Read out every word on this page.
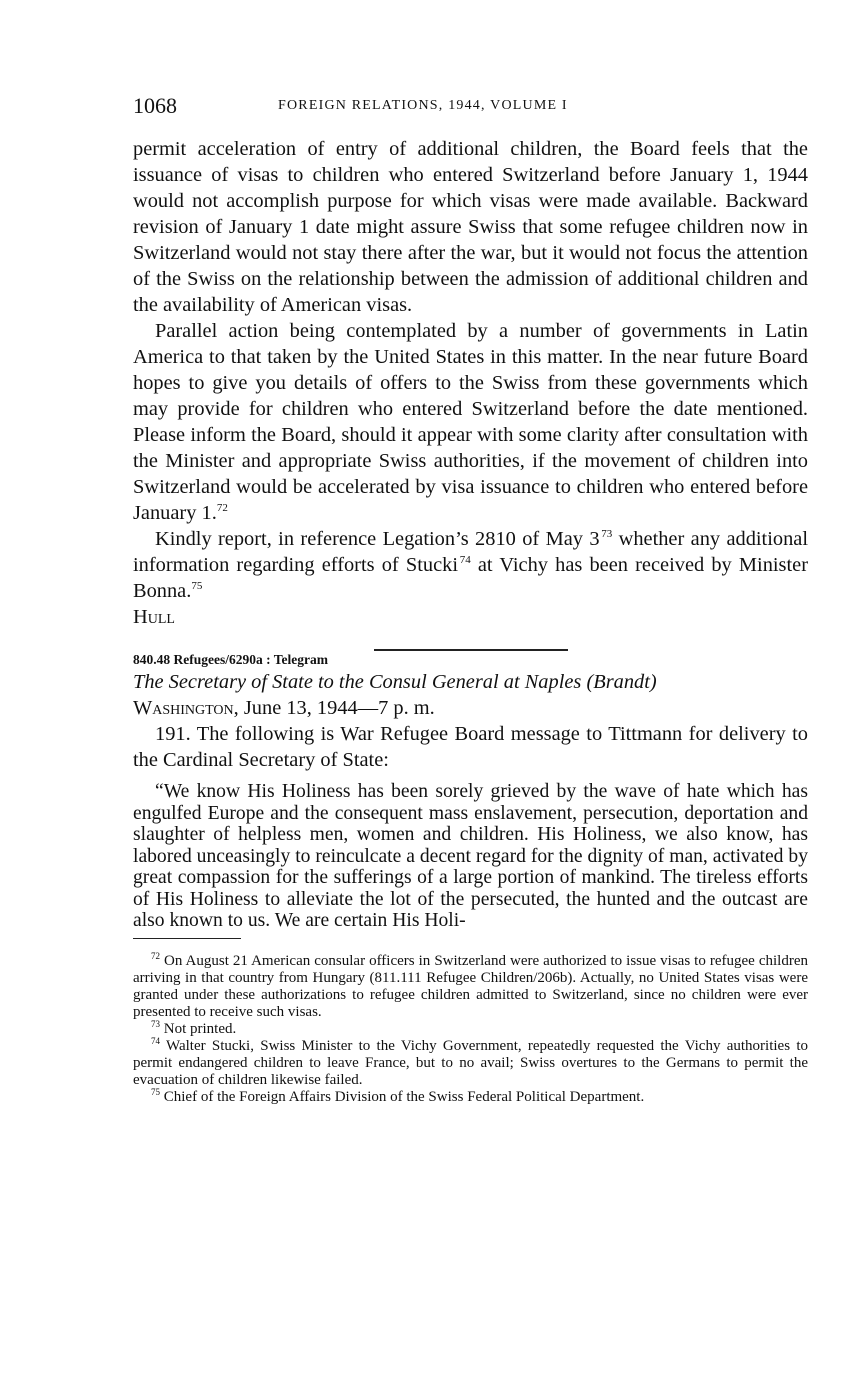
1068	FOREIGN RELATIONS, 1944, VOLUME I

permit acceleration of entry of additional children, the Board feels that the issuance of visas to children who entered Switzerland before January 1, 1944 would not accomplish purpose for which visas were made available. Backward revision of January 1 date might assure Swiss that some refugee children now in Switzerland would not stay there after the war, but it would not focus the attention of the Swiss on the relationship between the admission of additional children and the availability of American visas.

Parallel action being contemplated by a number of governments in Latin America to that taken by the United States in this matter. In the near future Board hopes to give you details of offers to the Swiss from these governments which may provide for children who entered Switzerland before the date mentioned. Please inform the Board, should it appear with some clarity after consultation with the Minister and appropriate Swiss authorities, if the movement of children into Switzerland would be accelerated by visa issuance to children who entered before January 1.72

Kindly report, in reference Legation’s 2810 of May 3  $^{73}$ whether any additional information regarding efforts of Stucki  $^{74}$ at Vichy has been received by Minister Bonna.$^{75}$

Hull

840.48 Refugees/6290a : Telegram

The Secretary of State to the Consul General at Naples (Brandt)

Washington, June 13, 1944—7 p. m.

191. The following is War Refugee Board message to Tittmann for delivery to the Cardinal Secretary of State:

“We know His Holiness has been sorely grieved by the wave of hate which has engulfed Europe and the consequent mass enslavement, persecution, deportation and slaughter of helpless men, women and children. His Holiness, we also know, has labored unceasingly to reinculcate a decent regard for the dignity of man, activated by great compassion for the sufferings of a large portion of mankind. The tireless efforts of His Holiness to alleviate the lot of the persecuted, the hunted and the outcast are also known to us. We are certain His Holi-

$^{72}$ On August 21 American consular officers in Switzerland were authorized to issue visas to refugee children arriving in that country from Hungary (811.111 Refugee Children/206b). Actually, no United States visas were granted under these authorizations to refugee children admitted to Switzerland, since no children were ever presented to receive such visas.

$^{73}$ Not printed.

$^{74}$ Walter Stucki, Swiss Minister to the Vichy Government, repeatedly requested the Vichy authorities to permit endangered children to leave France, but to no avail; Swiss overtures to the Germans to permit the evacuation of children likewise failed.

$^{75}$ Chief of the Foreign Affairs Division of the Swiss Federal Political Department.
